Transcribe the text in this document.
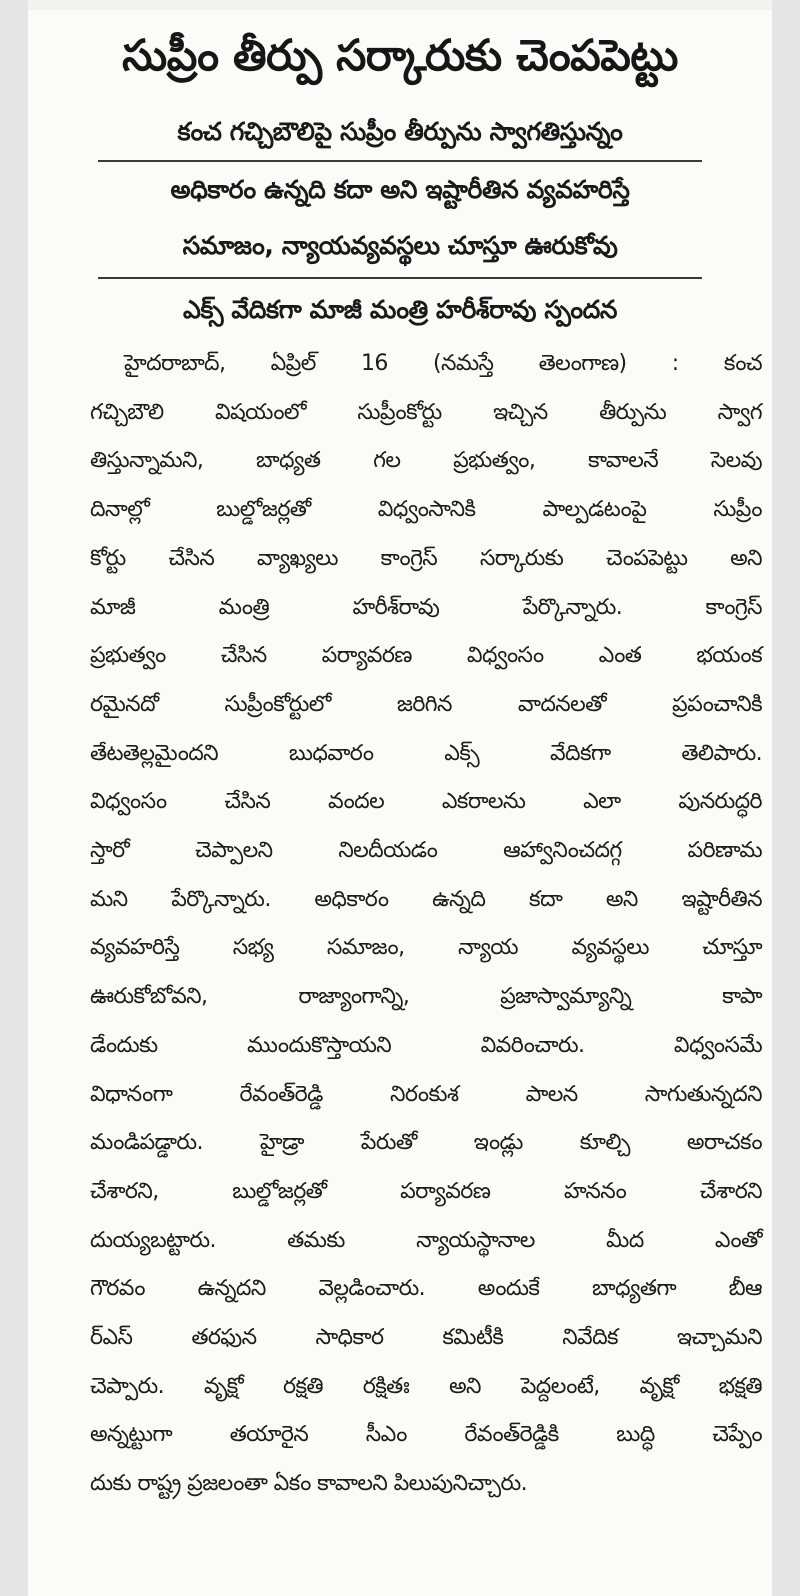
సుప్రీం తీర్పు సర్కారుకు చెంపపెట్టు
కంచ గచ్చిబౌలిపై సుప్రీం తీర్పును స్వాగతిస్తున్నం
అధికారం ఉన్నది కదా అని ఇష్టారీతిన వ్యవహరిస్తే
సమాజం, న్యాయవ్యవస్థలు చూస్తూ ఊరుకోవు
ఎక్స్ వేదికగా మాజీ మంత్రి హరీశ్‌రావు స్పందన
హైదరాబాద్, ఏప్రిల్ 16 (నమస్తే తెలంగాణ) : కంచ
గచ్చిబౌలి విషయంలో సుప్రీంకోర్టు ఇచ్చిన తీర్పును స్వాగ
తిస్తున్నామని, బాధ్యత గల ప్రభుత్వం, కావాలనే సెలవు
దినాల్లో బుల్డోజర్లతో విధ్వంసానికి పాల్పడటంపై సుప్రీం
కోర్టు చేసిన వ్యాఖ్యలు కాంగ్రెస్ సర్కారుకు చెంపపెట్టు అని
మాజీ మంత్రి హరీశ్‌రావు పేర్కొన్నారు. కాంగ్రెస్
ప్రభుత్వం చేసిన పర్యావరణ విధ్వంసం ఎంత భయంక
రమైనదో సుప్రీంకోర్టులో జరిగిన వాదనలతో ప్రపంచానికి
తేటతెల్లమైందని బుధవారం ఎక్స్ వేదికగా తెలిపారు.
విధ్వంసం చేసిన వందల ఎకరాలను ఎలా పునరుద్ధరి
స్తారో చెప్పాలని నిలదీయడం ఆహ్వానించదగ్గ పరిణామ
మని పేర్కొన్నారు. అధికారం ఉన్నది కదా అని ఇష్టారీతిన
వ్యవహరిస్తే సభ్య సమాజం, న్యాయ వ్యవస్థలు చూస్తూ
ఊరుకోబోవని, రాజ్యాంగాన్ని, ప్రజాస్వామ్యాన్ని కాపా
డేందుకు ముందుకొస్తాయని వివరించారు. విధ్వంసమే
విధానంగా రేవంత్‌రెడ్డి నిరంకుశ పాలన సాగుతున్నదని
మండిపడ్డారు. హైడ్రా పేరుతో ఇండ్లు కూల్చి అరాచకం
చేశారని, బుల్డోజర్లతో పర్యావరణ హననం చేశారని
దుయ్యబట్టారు. తమకు న్యాయస్థానాల మీద ఎంతో
గౌరవం ఉన్నదని వెల్లడించారు. అందుకే బాధ్యతగా బీఆ
ర్‌ఎస్ తరఫున సాధికార కమిటీకి నివేదిక ఇచ్చామని
చెప్పారు. వృక్షో రక్షతి రక్షితః అని పెద్దలంటే, వృక్షో భక్షతి
అన్నట్టుగా తయారైన సీఎం రేవంత్‌రెడ్డికి బుద్ధి చెప్పేం
దుకు రాష్ట్ర ప్రజలంతా ఏకం కావాలని పిలుపునిచ్చారు.
